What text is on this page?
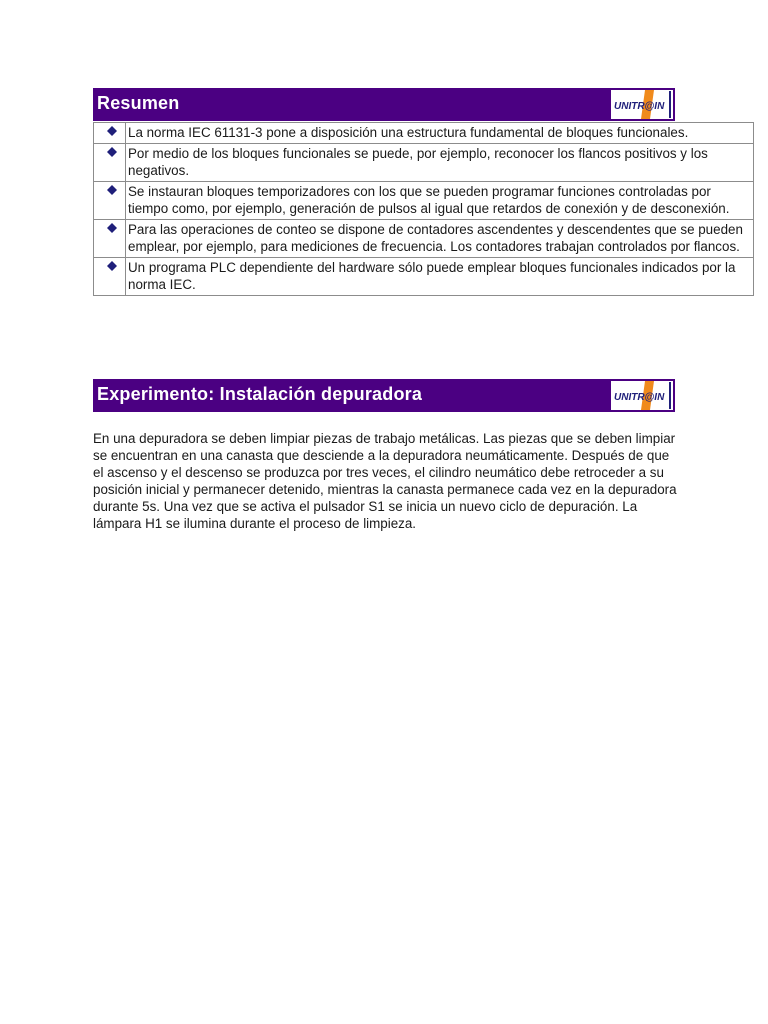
Resumen	UNITR@IN
	La norma IEC 61131-3 pone a disposición una estructura fundamental de bloques funcionales.

	Por medio de los bloques funcionales se puede, por ejemplo, reconocer los flancos positivos y los negativos.

	Se instauran bloques temporizadores con los que se pueden programar funciones controladas por tiempo como, por ejemplo, generación de pulsos al igual que retardos de conexión y de desconexión.

	Para las operaciones de conteo se dispone de contadores ascendentes y descendentes que se pueden emplear, por ejemplo, para mediciones de frecuencia. Los contadores trabajan controlados por flancos.

	Un programa PLC dependiente del hardware sólo puede emplear bloques funcionales indicados por la norma IEC.
Experimento: Instalación depuradora	UNITR@IN

En una depuradora se deben limpiar piezas de trabajo metálicas. Las piezas que se deben limpiar se encuentran en una canasta que desciende a la depuradora neumáticamente. Después de que el ascenso y el descenso se produzca por tres veces, el cilindro neumático debe retroceder a su posición inicial y permanecer detenido, mientras la canasta permanece cada vez en la depuradora durante 5s. Una vez que se activa el pulsador S1 se inicia un nuevo ciclo de depuración. La lámpara H1 se ilumina durante el proceso de limpieza.
